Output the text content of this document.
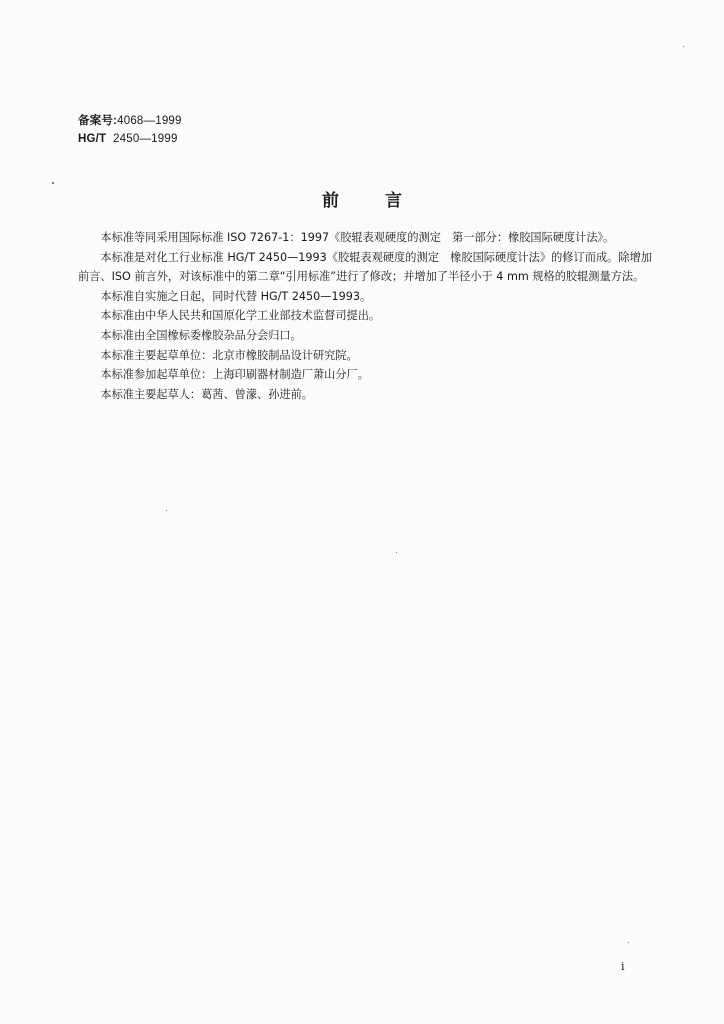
备案号:4068—1999
HG/T 2450—1999
前言

本标准等同采用国际标准 ISO 7267-1：1997《胶辊表观硬度的测定　第一部分：橡胶国际硬度计法》。

本标准是对化工行业标准 HG/T 2450—1993《胶辊表观硬度的测定　橡胶国际硬度计法》的修订而成。除增加前言、ISO 前言外，对该标准中的第二章“引用标准”进行了修改；并增加了半径小于 4 mm 规格的胶辊测量方法。

本标准自实施之日起，同时代替 HG/T 2450—1993。

本标准由中华人民共和国原化学工业部技术监督司提出。

本标准由全国橡标委橡胶杂品分会归口。

本标准主要起草单位：北京市橡胶制品设计研究院。

本标准参加起草单位：上海印刷器材制造厂萧山分厂。

本标准主要起草人：葛茜、曾濛、孙进前。

i
